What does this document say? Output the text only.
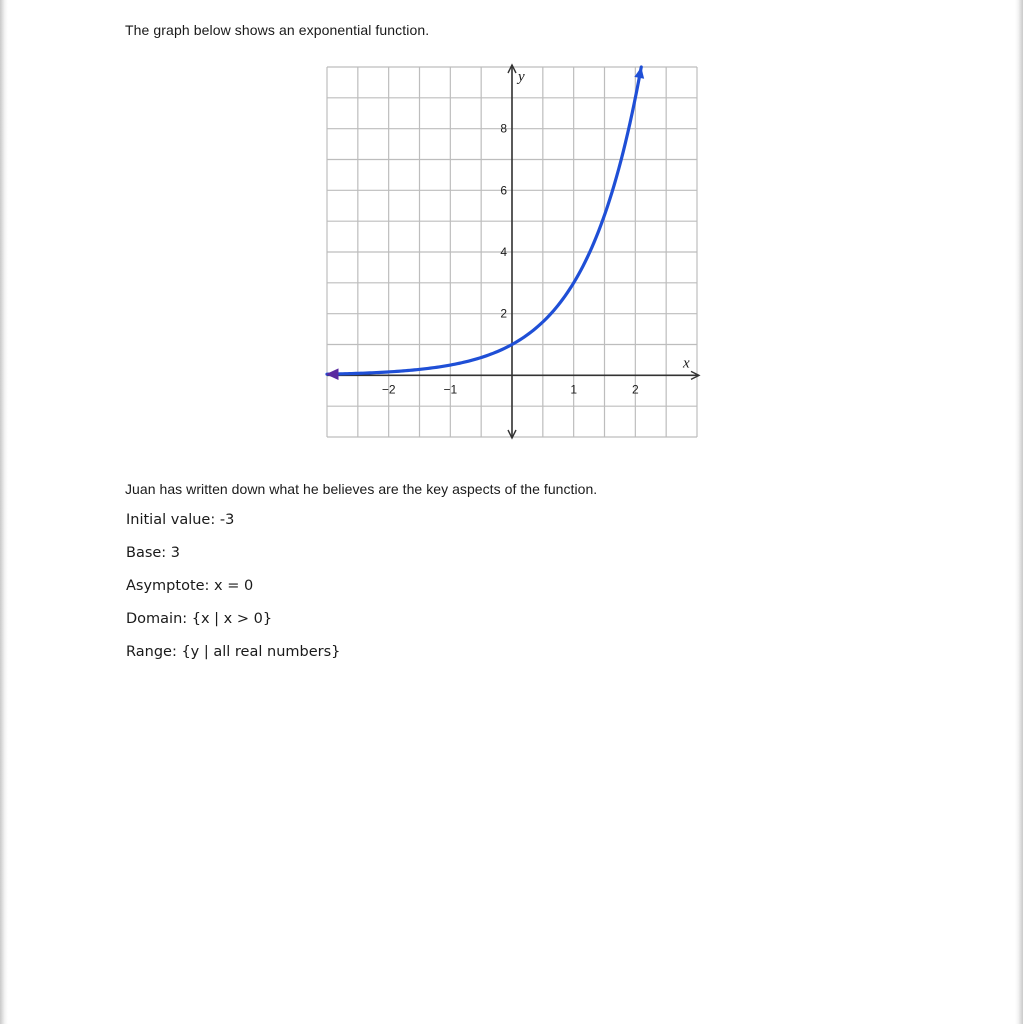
The graph below shows an exponential function.
−2	−1	1	2
2
4
6
8
y
x
Juan has written down what he believes are the key aspects of the function.
Initial value: -3
Base: 3
Asymptote: x = 0
Domain: {x | x > 0}
Range: {y | all real numbers}
